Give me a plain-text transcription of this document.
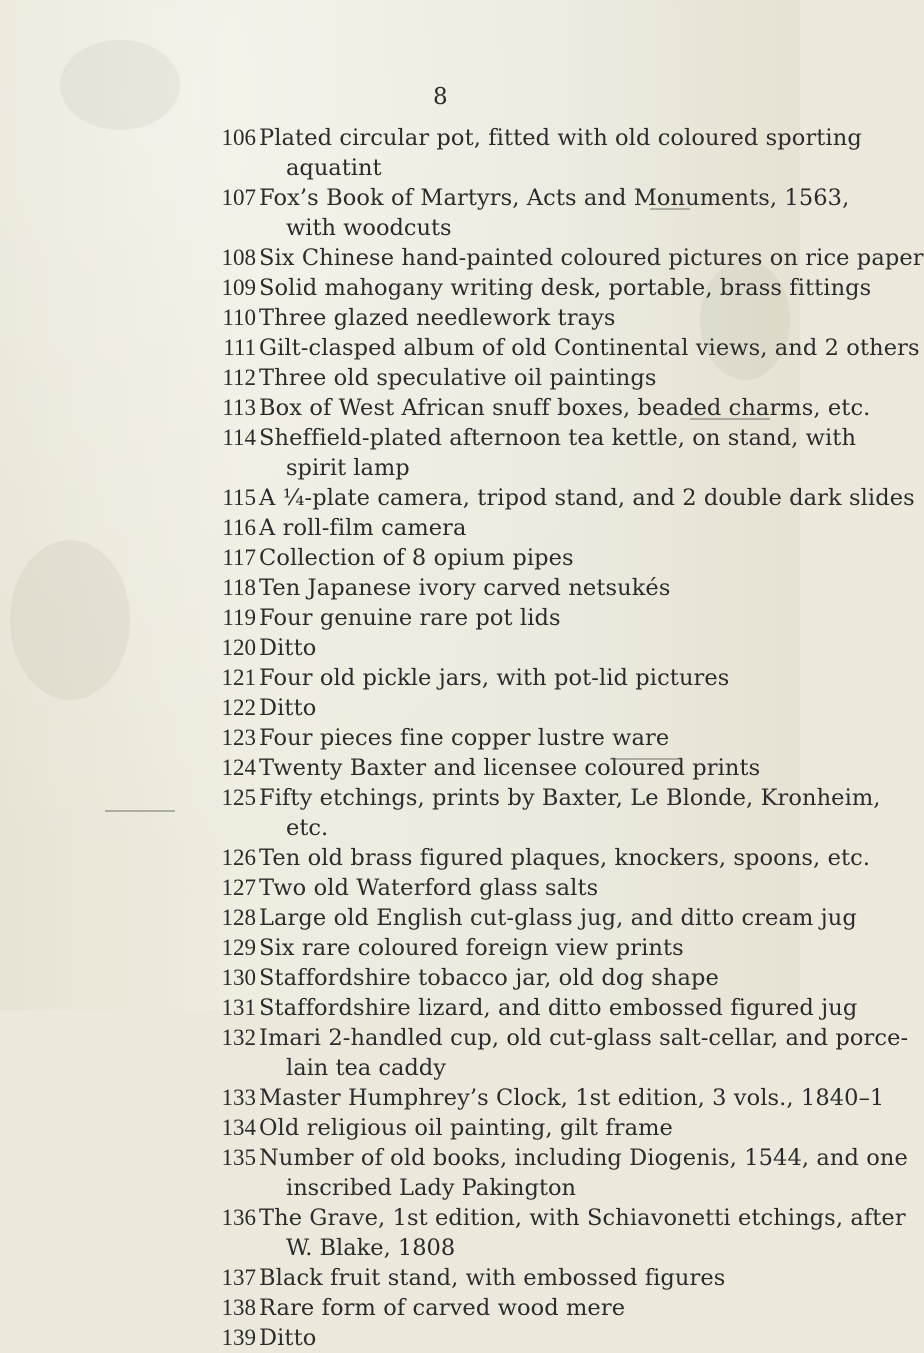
8
106 Plated circular pot, fitted with old coloured sporting
aquatint
107 Fox’s Book of Martyrs, Acts and Monuments, 1563,
with woodcuts
108 Six Chinese hand-painted coloured pictures on rice paper
109 Solid mahogany writing desk, portable, brass fittings
110 Three glazed needlework trays
111 Gilt-clasped album of old Continental views, and 2 others
112 Three old speculative oil paintings
113 Box of West African snuff boxes, beaded charms, etc.
114 Sheffield-plated afternoon tea kettle, on stand, with
spirit lamp
115 A ¼-plate camera, tripod stand, and 2 double dark slides
116 A roll-film camera
117 Collection of 8 opium pipes
118 Ten Japanese ivory carved netsukés
119 Four genuine rare pot lids
120 Ditto
121 Four old pickle jars, with pot-lid pictures
122 Ditto
123 Four pieces fine copper lustre ware
124 Twenty Baxter and licensee coloured prints
125 Fifty etchings, prints by Baxter, Le Blonde, Kronheim,
etc.
126 Ten old brass figured plaques, knockers, spoons, etc.
127 Two old Waterford glass salts
128 Large old English cut-glass jug, and ditto cream jug
129 Six rare coloured foreign view prints
130 Staffordshire tobacco jar, old dog shape
131 Staffordshire lizard, and ditto embossed figured jug
132 Imari 2-handled cup, old cut-glass salt-cellar, and porce-
lain tea caddy
133 Master Humphrey’s Clock, 1st edition, 3 vols., 1840–1
134 Old religious oil painting, gilt frame
135 Number of old books, including Diogenis, 1544, and one
inscribed Lady Pakington
136 The Grave, 1st edition, with Schiavonetti etchings, after
W. Blake, 1808
137 Black fruit stand, with embossed figures
138 Rare form of carved wood mere
139 Ditto
